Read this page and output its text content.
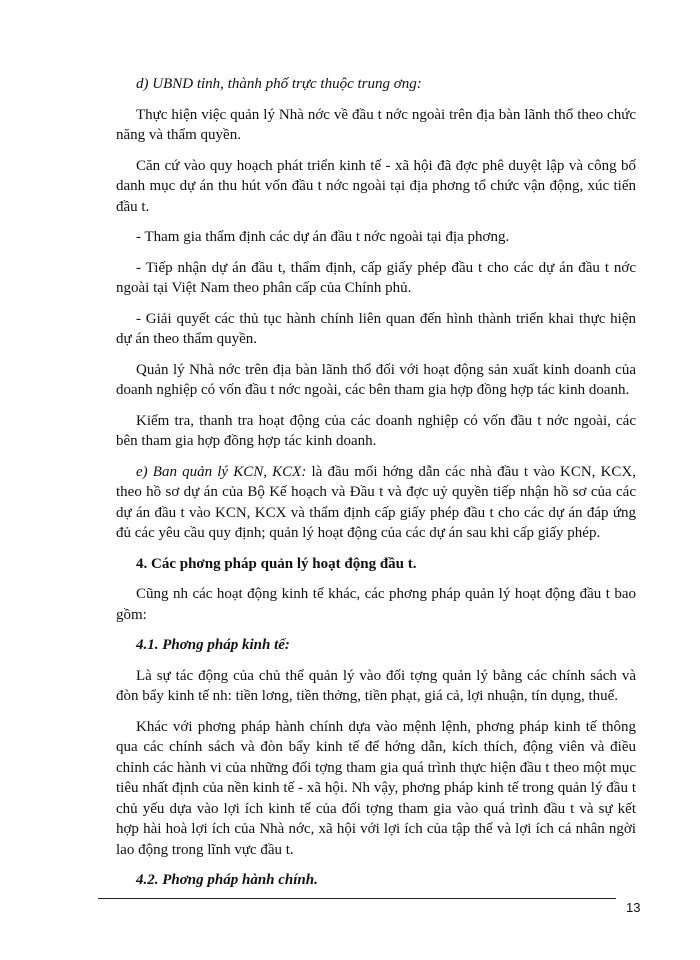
d) UBND tỉnh, thành phố trực thuộc trung ơng:

Thực hiện việc quản lý Nhà nớc về đầu t nớc ngoài trên địa bàn lãnh thổ theo chức năng và thẩm quyền.

Căn cứ vào quy hoạch phát triển kinh tế - xã hội đã đợc phê duyệt lập và công bố danh mục dự án thu hút vốn đầu t nớc ngoài tại địa phơng tổ chức vận động, xúc tiến đầu t.

- Tham gia thẩm định các dự án đầu t nớc ngoài tại địa phơng.

- Tiếp nhận dự án đầu t, thẩm định, cấp giấy phép đầu t cho các dự án đầu t nớc ngoài tại Việt Nam theo phân cấp của Chính phủ.

- Giải quyết các thủ tục hành chính liên quan đến hình thành triển khai thực hiện dự án theo thẩm quyền.

Quản lý Nhà nớc trên địa bàn lãnh thổ đối với hoạt động sản xuất kinh doanh của doanh nghiệp có vốn đầu t nớc ngoài, các bên tham gia hợp đồng hợp tác kinh doanh.

Kiểm tra, thanh tra hoạt động của các doanh nghiệp có vốn đầu t nớc ngoài, các bên tham gia hợp đồng hợp tác kinh doanh.

e) Ban quản lý KCN, KCX: là đầu mối hớng dẫn các nhà đầu t vào KCN, KCX, theo hồ sơ dự án của Bộ Kế hoạch và Đầu t và đợc uỷ quyền tiếp nhận hồ sơ của các dự án đầu t vào KCN, KCX và thẩm định cấp giấy phép đầu t cho các dự án đáp ứng đủ các yêu cầu quy định; quản lý hoạt động của các dự án sau khi cấp giấy phép.

4. Các phơng pháp quản lý hoạt động đầu t.

Cũng nh các hoạt động kinh tế khác, các phơng pháp quản lý hoạt động đầu t bao gồm:

4.1. Phơng pháp kinh tế:

Là sự tác động của chủ thể quản lý vào đối tợng quản lý bằng các chính sách và đòn bẩy kinh tế nh: tiền lơng, tiền thởng, tiền phạt, giá cả, lợi nhuận, tín dụng, thuế.

Khác với phơng pháp hành chính dựa vào mệnh lệnh, phơng pháp kinh tế thông qua các chính sách và đòn bẩy kinh tế để hớng dẫn, kích thích, động viên và điều chỉnh các hành vi của những đối tợng tham gia quá trình thực hiện đầu t theo một mục tiêu nhất định của nền kinh tế - xã hội. Nh vậy, phơng pháp kinh tế trong quản lý đầu t chủ yếu dựa vào lợi ích kinh tế của đối tợng tham gia vào quá trình đầu t và sự kết hợp hài hoà lợi ích của Nhà nớc, xã hội với lợi ích của tập thể và lợi ích cá nhân ngời lao động trong lĩnh vực đầu t.

4.2. Phơng pháp hành chính.

13
